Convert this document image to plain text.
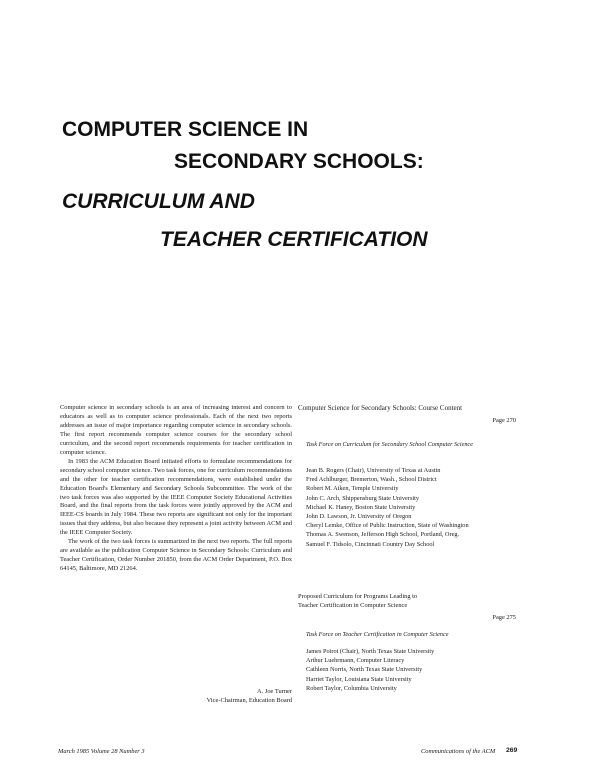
COMPUTER SCIENCE IN
SECONDARY SCHOOLS:
CURRICULUM AND
TEACHER CERTIFICATION

Computer science in secondary schools is an area of increasing interest and concern to educators as well as to computer science professionals. Each of the next two reports addresses an issue of major importance regarding computer science in secondary schools. The first report recommends computer science courses for the secondary school curriculum, and the second report recommends requirements for teacher certification in computer science.

In 1983 the ACM Education Board initiated efforts to formulate recommendations for secondary school computer science. Two task forces, one for curriculum recommendations and the other for teacher certification recommendations, were established under the Education Board's Elementary and Secondary Schools Subcommittee. The work of the two task forces was also supported by the IEEE Computer Society Educational Activities Board, and the final reports from the task forces were jointly approved by the ACM and IEEE-CS boards in July 1984. These two reports are significant not only for the important issues that they address, but also because they represent a joint activity between ACM and the IEEE Computer Society.

The work of the two task forces is summarized in the next two reports. The full reports are available as the publication Computer Science in Secondary Schools: Curriculum and Teacher Certification, Order Number 201850, from the ACM Order Department, P.O. Box 64145, Baltimore, MD 21264.

A. Joe Turner
Vice-Chairman, Education Board
Computer Science for Secondary Schools: Course Content
Page 270
Task Force on Curriculum for Secondary School Computer Science
Jean B. Rogers (Chair), University of Texas at Austin
Fred Achlburger, Bremerton, Wash., School District
Robert M. Aiken, Temple University
John C. Arch, Shippensburg State University
Michael K. Haney, Boston State University
John D. Lawson, Jr. University of Oregon
Cheryl Lemke, Office of Public Instruction, State of Washington
Thomas A. Swenson, Jefferson High School, Portland, Oreg.
Samuel F. Tidsolo, Cincinnati Country Day School
Proposed Curriculum for Programs Leading to
Teacher Certification in Computer Science
Page 275
Task Force on Teacher Certification in Computer Science
James Poirot (Chair), North Texas State University
Arthur Luehrmann, Computer Literacy
Cathleen Norris, North Texas State University
Harriet Taylor, Louisiana State University
Robert Taylor, Columbia University
March 1985 Volume 28 Number 3	Communications of the ACM 269
